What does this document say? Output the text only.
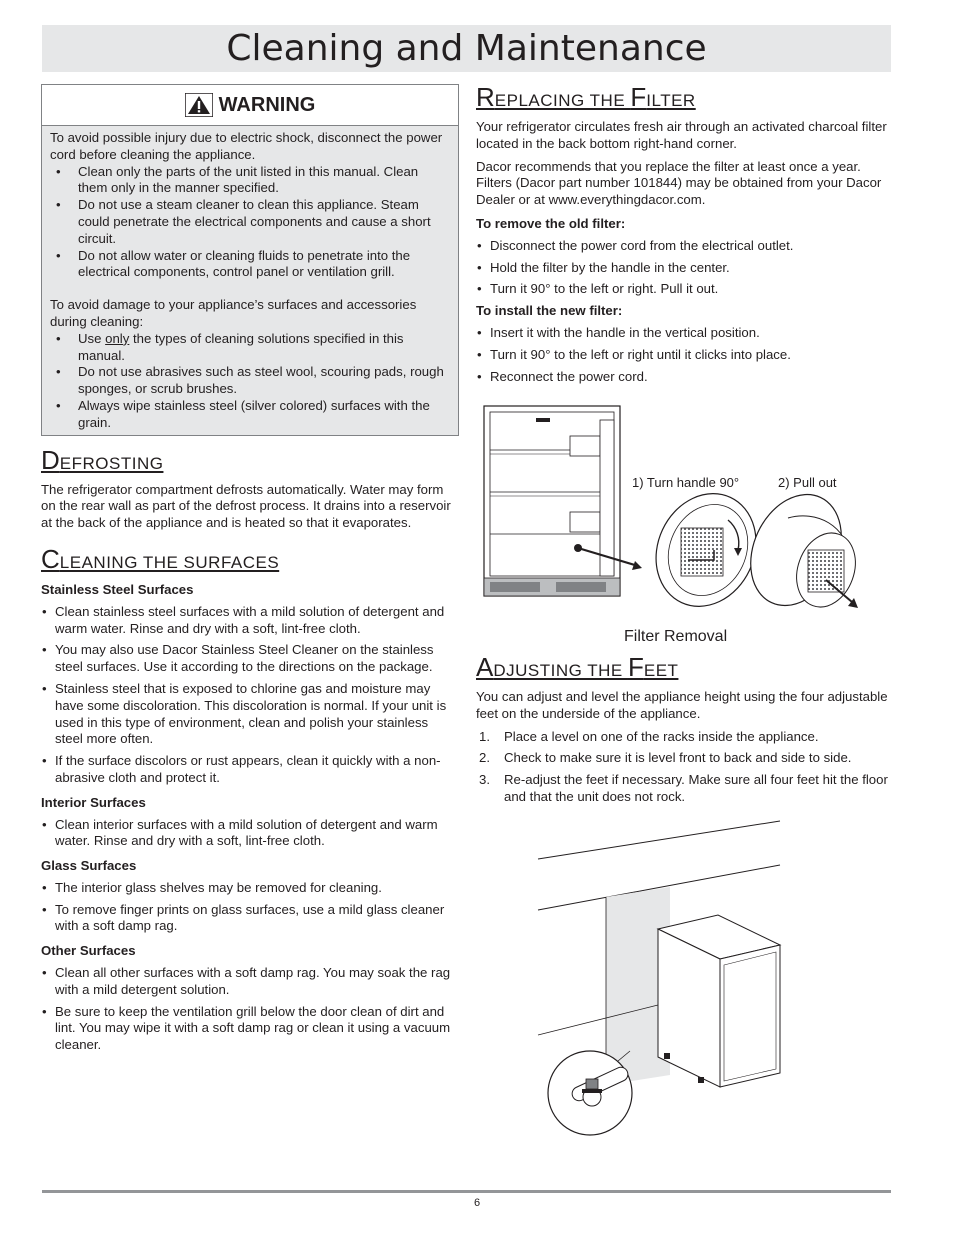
Cleaning and Maintenance
WARNING

To avoid possible injury due to electric shock, disconnect the power cord before cleaning the appliance.

• Clean only the parts of the unit listed in this manual. Clean them only in the manner specified.
• Do not use a steam cleaner to clean this appliance. Steam could penetrate the electrical components and cause a short circuit.
• Do not allow water or cleaning fluids to penetrate into the electrical components, control panel or ventilation grill.

To avoid damage to your appliance’s surfaces and accessories during cleaning:

• Use only the types of cleaning solutions specified in this manual.
• Do not use abrasives such as steel wool, scouring pads, rough sponges, or scrub brushes.
• Always wipe stainless steel (silver colored) surfaces with the grain.
DEFROSTING

The refrigerator compartment defrosts automatically. Water may form on the rear wall as part of the defrost process. It drains into a reservoir at the back of the appliance and is heated so that it evaporates.

CLEANING THE SURFACES
Stainless Steel Surfaces
• Clean stainless steel surfaces with a mild solution of detergent and warm water. Rinse and dry with a soft, lint-free cloth.
• You may also use Dacor Stainless Steel Cleaner on the stainless steel surfaces. Use it according to the directions on the package.
• Stainless steel that is exposed to chlorine gas and moisture may have some discoloration. This discoloration is normal. If your unit is used in this type of environment, clean and polish your stainless steel more often.
• If the surface discolors or rust appears, clean it quickly with a non-abrasive cloth and protect it.
Interior Surfaces
• Clean interior surfaces with a mild solution of detergent and warm water. Rinse and dry with a soft, lint-free cloth.
Glass Surfaces
• The interior glass shelves may be removed for cleaning.
• To remove finger prints on glass surfaces, use a mild glass cleaner with a soft damp rag.
Other Surfaces
• Clean all other surfaces with a soft damp rag. You may soak the rag with a mild detergent solution.
• Be sure to keep the ventilation grill below the door clean of dirt and lint. You may wipe it with a soft damp rag or clean it using a vacuum cleaner.
REPLACING THE FILTER

Your refrigerator circulates fresh air through an activated charcoal filter located in the back bottom right-hand corner.

Dacor recommends that you replace the filter at least once a year. Filters (Dacor part number 101844) may be obtained from your Dacor Dealer or at www.everythingdacor.com.

To remove the old filter:
• Disconnect the power cord from the electrical outlet.
• Hold the filter by the handle in the center.
• Turn it 90° to the left or right. Pull it out.
To install the new filter:
• Insert it with the handle in the vertical position.
• Turn it 90° to the left or right until it clicks into place.
• Reconnect the power cord.
1) Turn handle 90°	2) Pull out
Filter Removal
ADJUSTING THE FEET

You can adjust and level the appliance height using the four adjustable feet on the underside of the appliance.

1. Place a level on one of the racks inside the appliance.
2. Check to make sure it is level front to back and side to side.
3. Re-adjust the feet if necessary. Make sure all four feet hit the floor and that the unit does not rock.
6
